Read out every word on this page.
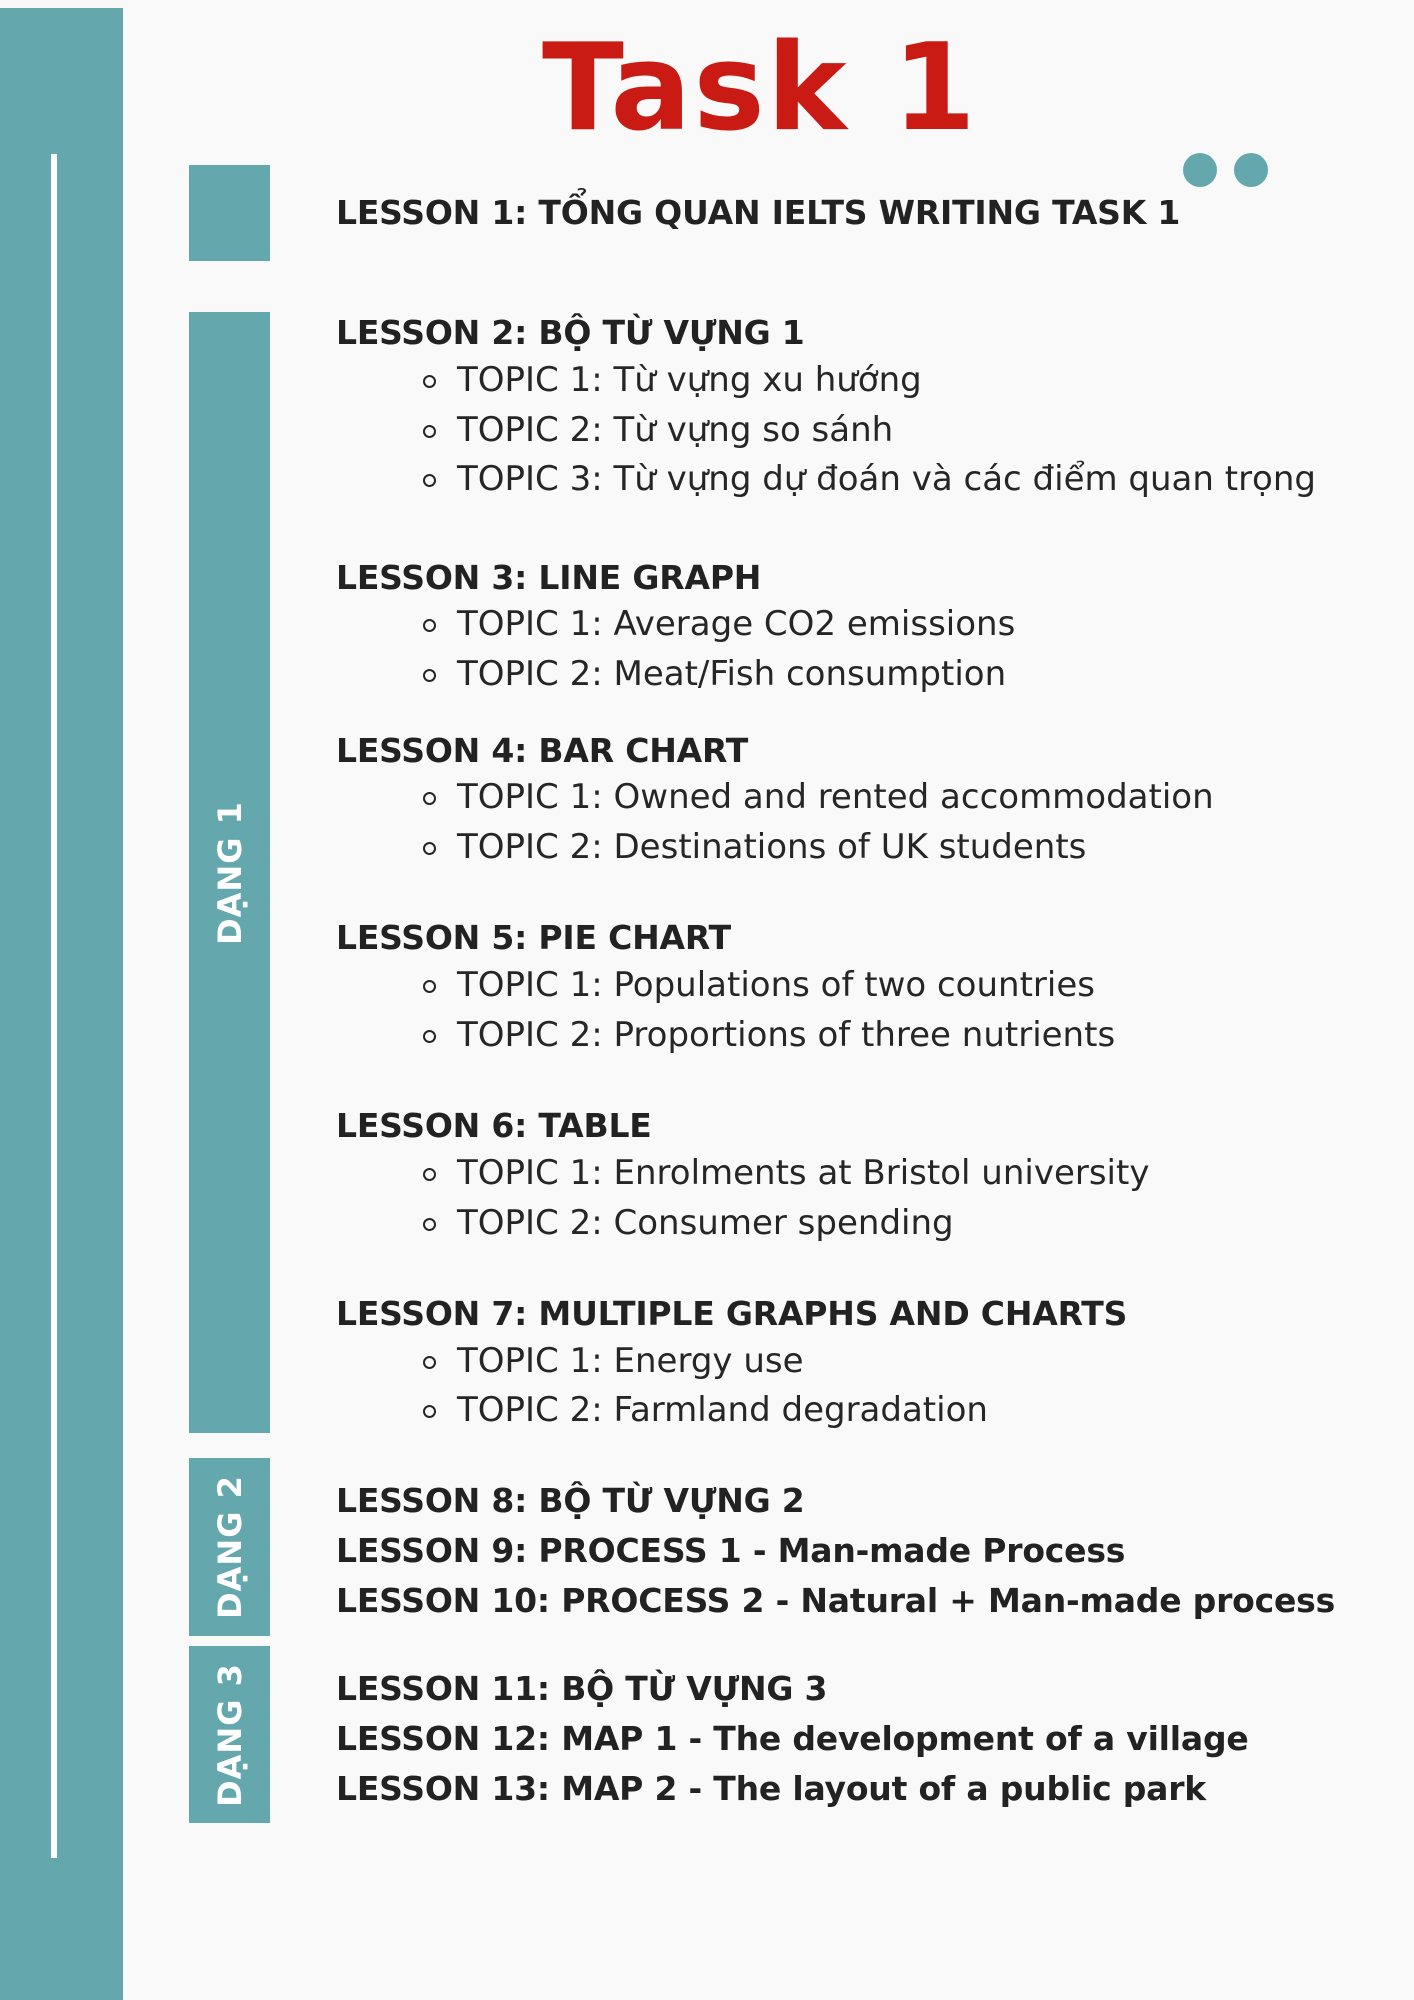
Task 1
DẠNG 1
DẠNG 2
DẠNG 3
LESSON 1: TỔNG QUAN IELTS WRITING TASK 1
LESSON 2: BỘ TỪ VỰNG 1
TOPIC 1: Từ vựng xu hướng
TOPIC 2: Từ vựng so sánh
TOPIC 3: Từ vựng dự đoán và các điểm quan trọng
LESSON 3: LINE GRAPH
TOPIC 1: Average CO2 emissions
TOPIC 2: Meat/Fish consumption
LESSON 4: BAR CHART
TOPIC 1: Owned and rented accommodation
TOPIC 2: Destinations of UK students
LESSON 5: PIE CHART
TOPIC 1: Populations of two countries
TOPIC 2: Proportions of three nutrients
LESSON 6: TABLE
TOPIC 1: Enrolments at Bristol university
TOPIC 2: Consumer spending
LESSON 7: MULTIPLE GRAPHS AND CHARTS
TOPIC 1: Energy use
TOPIC 2: Farmland degradation
LESSON 8: BỘ TỪ VỰNG 2
LESSON 9: PROCESS 1 - Man-made Process
LESSON 10: PROCESS 2 - Natural + Man-made process
LESSON 11: BỘ TỪ VỰNG 3
LESSON 12: MAP 1 - The development of a village
LESSON 13: MAP 2 - The layout of a public park
